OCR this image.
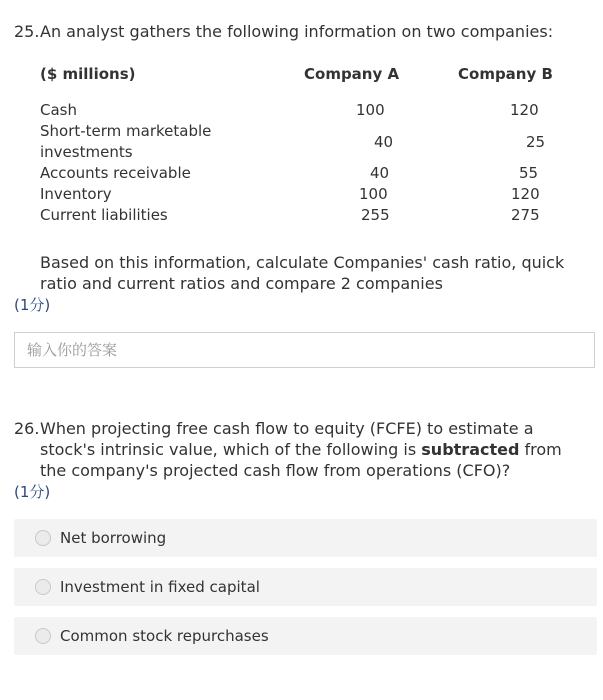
25. An analyst gathers the following information on two companies:
($ millions)	Company A	Company B

Cash	100	120
Short-term marketable investments	40	25
Accounts receivable	40	55
Inventory	100	120
Current liabilities	255	275
Based on this information, calculate Companies' cash ratio, quick ratio and current ratios and compare 2 companies
(1分)
输入你的答案
26. When projecting free cash flow to equity (FCFE) to estimate a stock's intrinsic value, which of the following is subtracted from the company's projected cash flow from operations (CFO)?
(1分)
Net borrowing
Investment in fixed capital
Common stock repurchases
